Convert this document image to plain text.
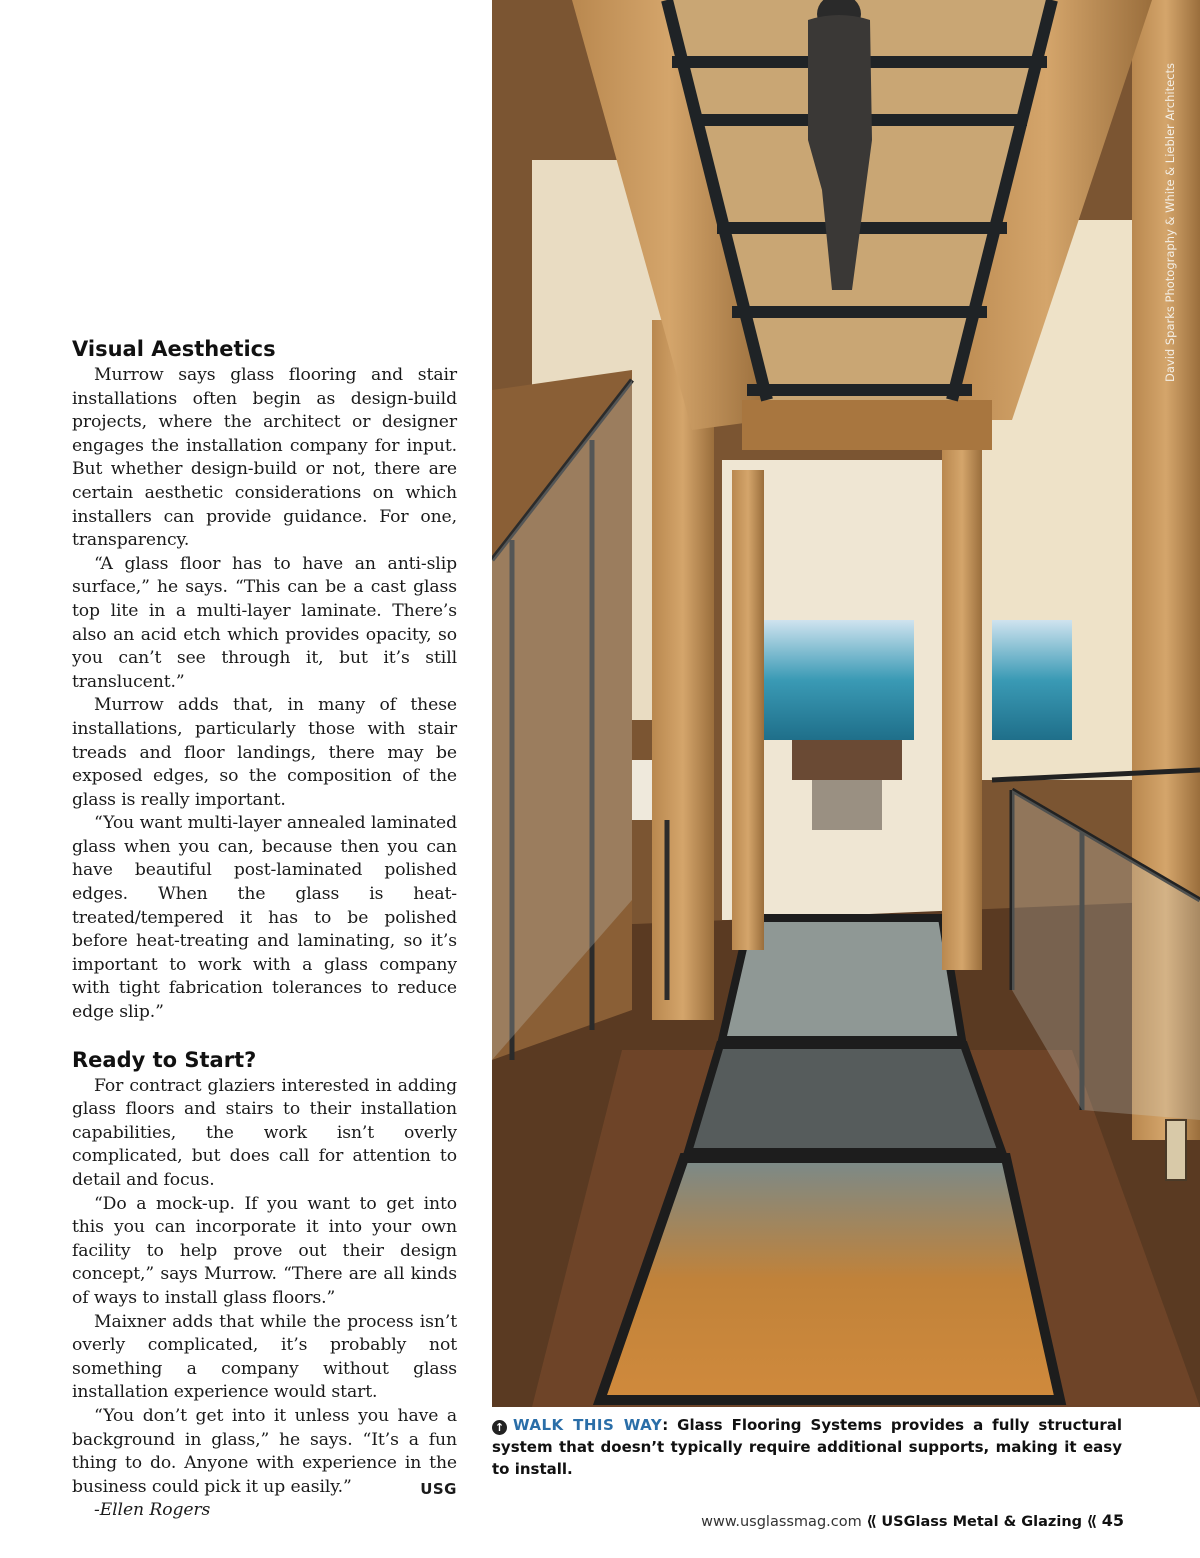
Visual Aesthetics

Murrow says glass flooring and stair installations often begin as design-build projects, where the architect or designer engages the installation company for input. But whether design-build or not, there are certain aesthetic considerations on which installers can provide guidance. For one, transparency.

“A glass floor has to have an anti-slip surface,” he says. “This can be a cast glass top lite in a multi-layer laminate. There’s also an acid etch which provides opacity, so you can’t see through it, but it’s still translucent.”

Murrow adds that, in many of these installations, particularly those with stair treads and floor landings, there may be exposed edges, so the composition of the glass is really important.

“You want multi-layer annealed laminated glass when you can, because then you can have beautiful post-laminated polished edges. When the glass is heat-treated/tempered it has to be polished before heat-treating and laminating, so it’s important to work with a glass company with tight fabrication tolerances to reduce edge slip.”

Ready to Start?

For contract glaziers interested in adding glass floors and stairs to their installation capabilities, the work isn’t overly complicated, but does call for attention to detail and focus.

“Do a mock-up. If you want to get into this you can incorporate it into your own facility to help prove out their design concept,” says Murrow. “There are all kinds of ways to install glass floors.”

Maixner adds that while the process isn’t overly complicated, it’s probably not something a company without glass installation experience would start.

“You don’t get into it unless you have a background in glass,” he says. “It’s a fun thing to do. Anyone with experience in the business could pick it up easily.”	USG

-Ellen Rogers

David Sparks Photography & White & Liebler Architects
↑ WALK THIS WAY: Glass Flooring Systems provides a fully structural system that doesn’t typically require additional supports, making it easy to install.
www.usglassmag.com ⟪ USGlass Metal & Glazing ⟪ 45
